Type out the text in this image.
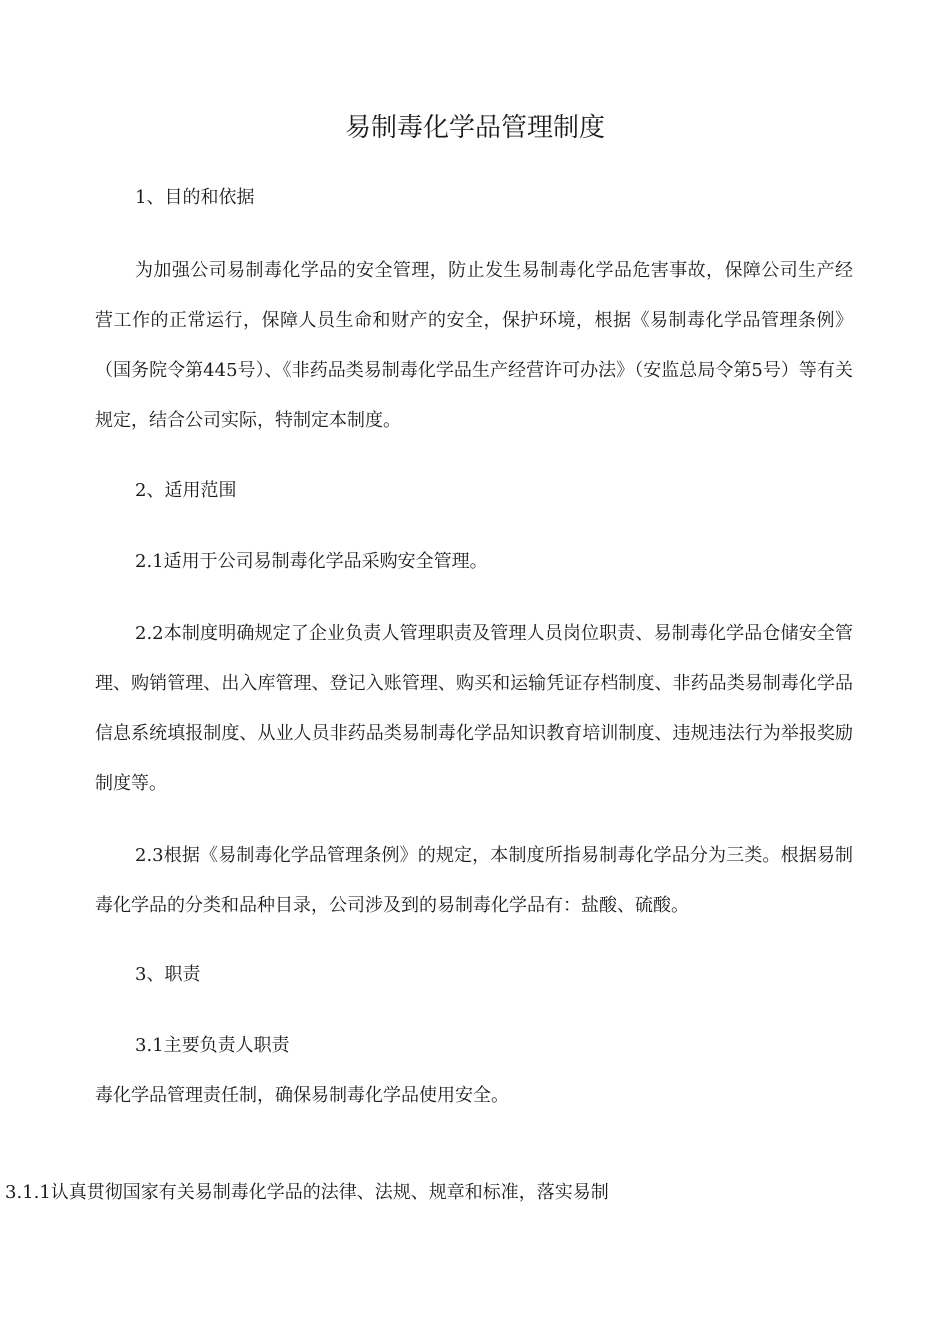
易制毒化学品管理制度

1、目的和依据

为加强公司易制毒化学品的安全管理，防止发生易制毒化学品危害事故，保障公司生产经营工作的正常运行，保障人员生命和财产的安全，保护环境，根据《易制毒化学品管理条例》（国务院令第445号）、《非药品类易制毒化学品生产经营许可办法》（安监总局令第5号）等有关规定，结合公司实际，特制定本制度。

2、适用范围

2.1适用于公司易制毒化学品采购安全管理。

2.2本制度明确规定了企业负责人管理职责及管理人员岗位职责、易制毒化学品仓储安全管理、购销管理、出入库管理、登记入账管理、购买和运输凭证存档制度、非药品类易制毒化学品信息系统填报制度、从业人员非药品类易制毒化学品知识教育培训制度、违规违法行为举报奖励制度等。

2.3根据《易制毒化学品管理条例》的规定，本制度所指易制毒化学品分为三类。根据易制毒化学品的分类和品种目录，公司涉及到的易制毒化学品有：盐酸、硫酸。

3、职责

3.1主要负责人职责

毒化学品管理责任制，确保易制毒化学品使用安全。

3.1.1认真贯彻国家有关易制毒化学品的法律、法规、规章和标准，落实易制
